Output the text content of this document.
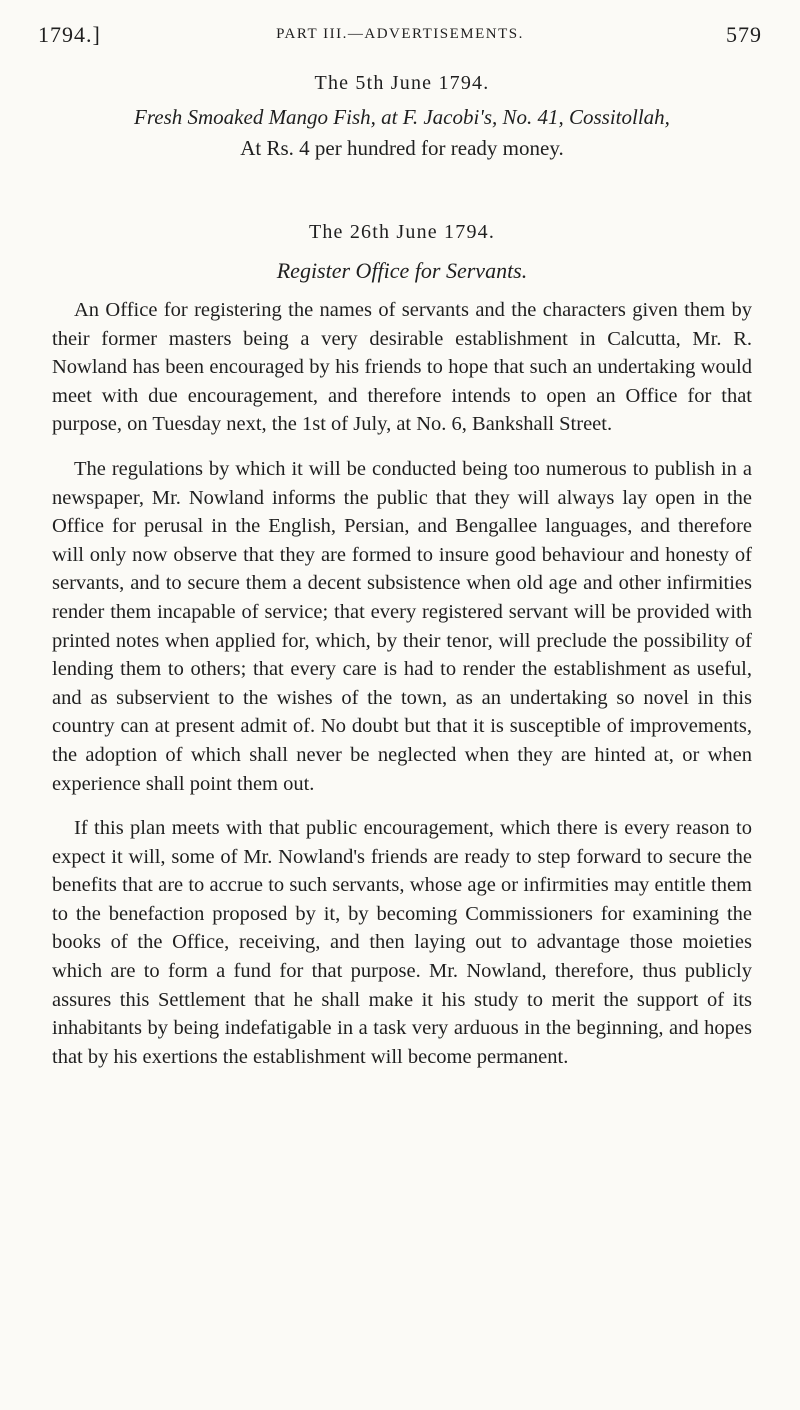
1794.]	PART III.—ADVERTISEMENTS.	579

The 5th June 1794.

Fresh Smoaked Mango Fish, at F. Jacobi's, No. 41, Cossitollah,

At Rs. 4 per hundred for ready money.

The 26th June 1794.

Register Office for Servants.

An Office for registering the names of servants and the characters given them by their former masters being a very desirable establishment in Calcutta, Mr. R. Nowland has been encouraged by his friends to hope that such an undertaking would meet with due encouragement, and therefore intends to open an Office for that purpose, on Tuesday next, the 1st of July, at No. 6, Bankshall Street.

The regulations by which it will be conducted being too numerous to publish in a newspaper, Mr. Nowland informs the public that they will always lay open in the Office for perusal in the English, Persian, and Bengallee languages, and therefore will only now observe that they are formed to insure good behaviour and honesty of servants, and to secure them a decent subsistence when old age and other infirmities render them incapable of service; that every registered servant will be provided with printed notes when applied for, which, by their tenor, will preclude the possibility of lending them to others; that every care is had to render the establishment as useful, and as subservient to the wishes of the town, as an undertaking so novel in this country can at present admit of. No doubt but that it is susceptible of improvements, the adoption of which shall never be neglected when they are hinted at, or when experience shall point them out.

If this plan meets with that public encouragement, which there is every reason to expect it will, some of Mr. Nowland's friends are ready to step forward to secure the benefits that are to accrue to such servants, whose age or infirmities may entitle them to the benefaction proposed by it, by becoming Commissioners for examining the books of the Office, receiving, and then laying out to advantage those moieties which are to form a fund for that purpose. Mr. Nowland, therefore, thus publicly assures this Settlement that he shall make it his study to merit the support of its inhabitants by being indefatigable in a task very arduous in the beginning, and hopes that by his exertions the establishment will become permanent.
